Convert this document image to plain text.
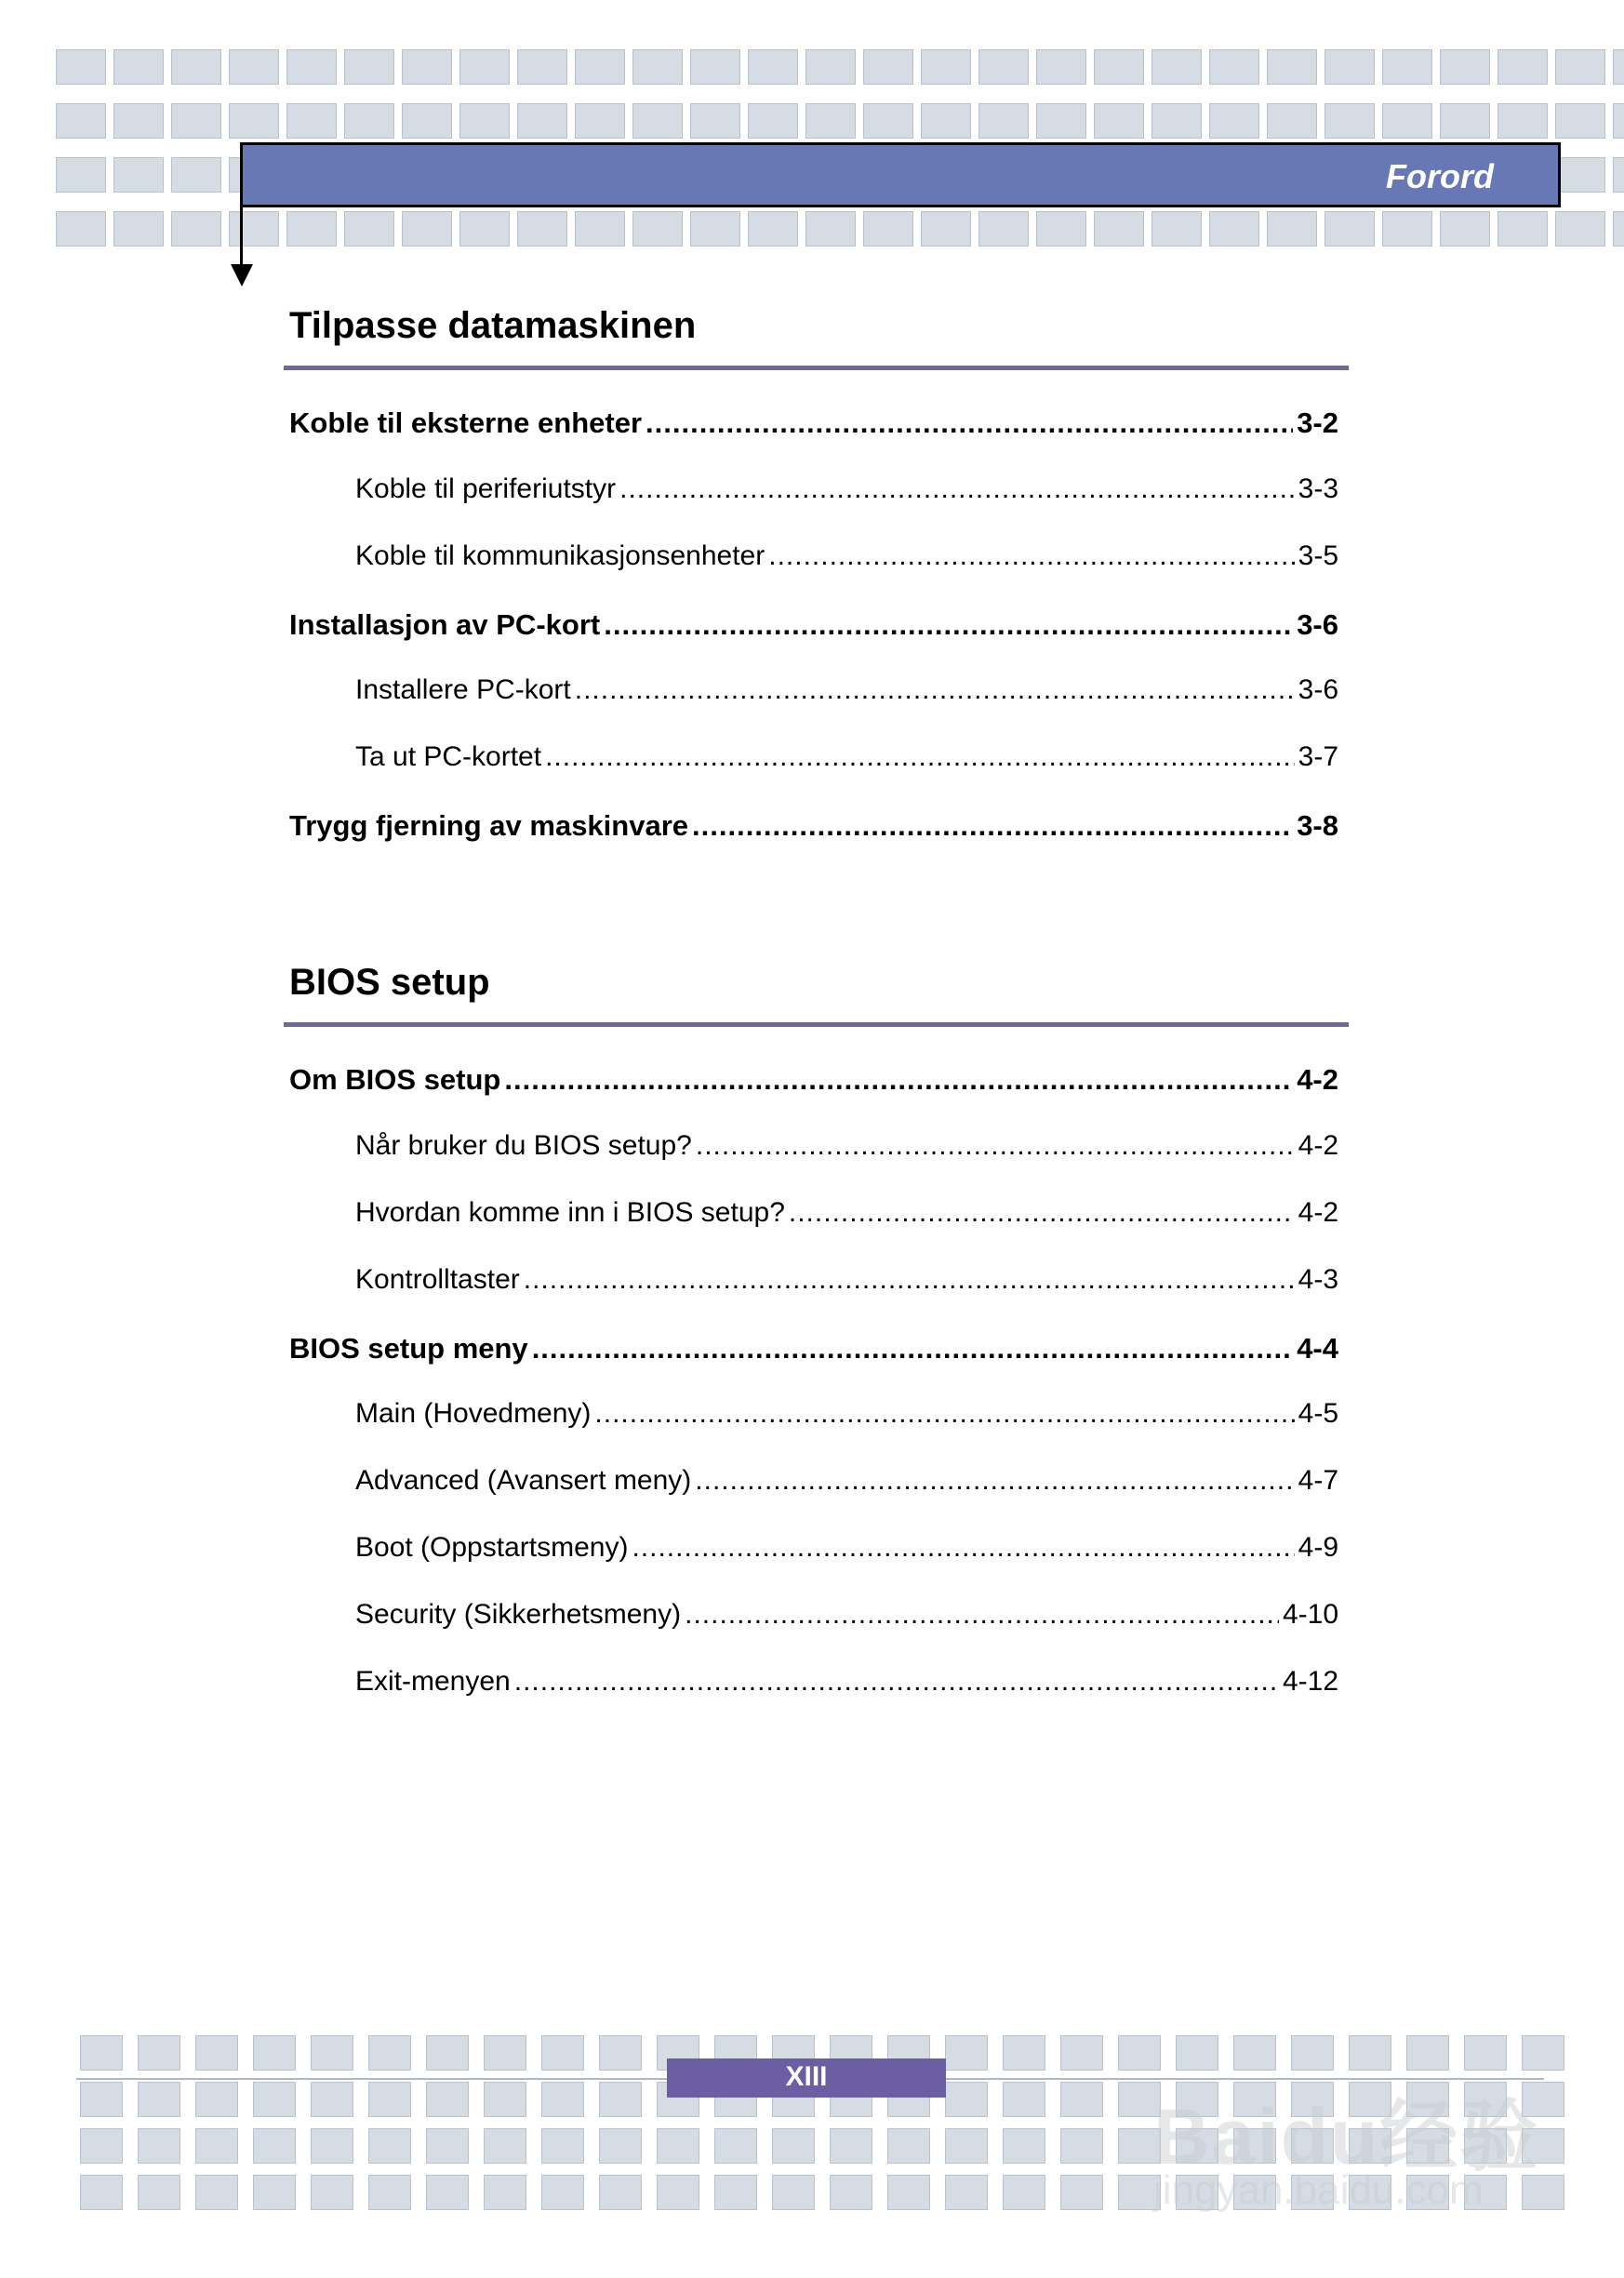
Forord
Tilpasse datamaskinen
Koble til eksterne enheter .....	3-2
Koble til periferiutstyr .....	3-3
Koble til kommunikasjonsenheter .....	3-5
Installasjon av PC-kort .....	3-6
Installere PC-kort .....	3-6
Ta ut PC-kortet .....	3-7
Trygg fjerning av maskinvare .....	3-8
BIOS setup
Om BIOS setup .....	4-2
Når bruker du BIOS setup? .....	4-2
Hvordan komme inn i BIOS setup? .....	4-2
Kontrolltaster .....	4-3
BIOS setup meny .....	4-4
Main (Hovedmeny) .....	4-5
Advanced (Avansert meny) .....	4-7
Boot (Oppstartsmeny) .....	4-9
Security (Sikkerhetsmeny) .....	4-10
Exit-menyen .....	4-12
XIII
Baidu经验
jingyan.baidu.com
